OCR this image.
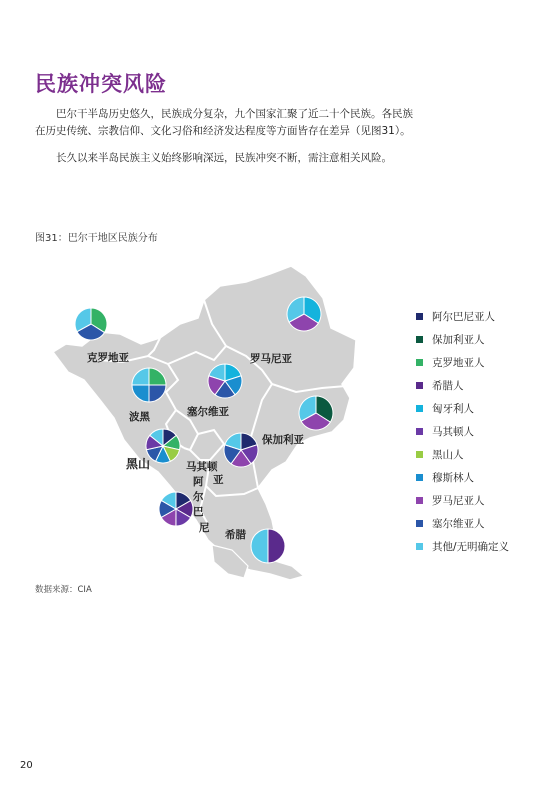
民族冲突风险

巴尔干半岛历史悠久，民族成分复杂，九个国家汇聚了近二十个民族。各民族在历史传统、宗教信仰、文化习俗和经济发达程度等方面皆存在差异（见图31）。

长久以来半岛民族主义始终影响深远，民族冲突不断，需注意相关风险。

图31：巴尔干地区民族分布
克罗地亚	罗马尼亚
波黑	塞尔维亚
保加利亚
黑山	马其顿
阿
尔
巴
尼
亚
希腊
阿尔巴尼亚人
保加利亚人
克罗地亚人
希腊人
匈牙利人
马其顿人
黑山人
穆斯林人
罗马尼亚人
塞尔维亚人
其他/无明确定义
数据来源：CIA
20
